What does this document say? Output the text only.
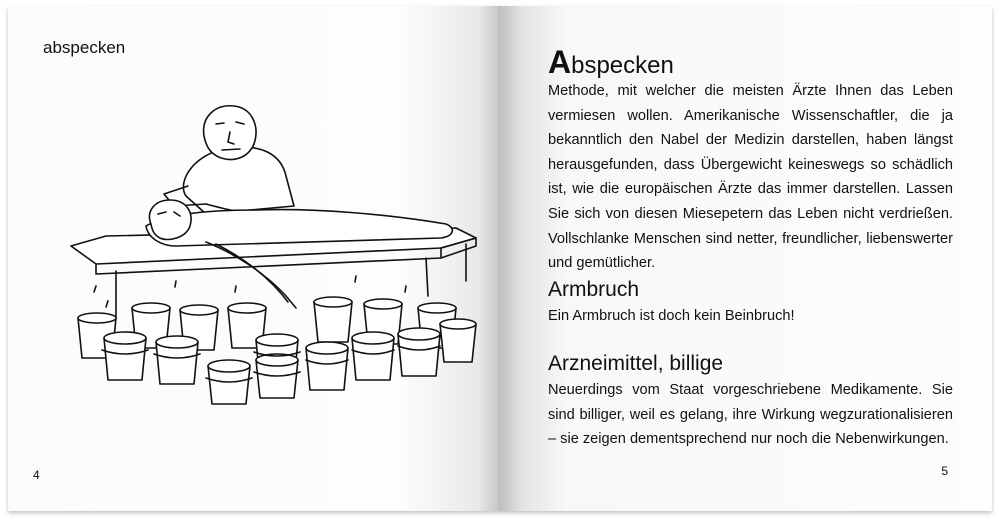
abspecken
4
Abspecken

Methode, mit welcher die meisten Ärzte Ihnen das Leben vermiesen wollen. Amerikanische Wissenschaftler, die ja bekanntlich den Nabel der Medizin darstellen, haben längst herausgefunden, dass Übergewicht keineswegs so schädlich ist, wie die europäischen Ärzte das immer darstellen. Lassen Sie sich von diesen Miesepetern das Leben nicht verdrießen. Vollschlanke Menschen sind netter, freundlicher, liebenswerter und gemütlicher.

Armbruch

Ein Armbruch ist doch kein Beinbruch!

Arzneimittel, billige

Neuerdings vom Staat vorgeschriebene Medikamente. Sie sind billiger, weil es gelang, ihre Wirkung wegzurationalisieren – sie zeigen dementsprechend nur noch die Nebenwirkungen.

5
